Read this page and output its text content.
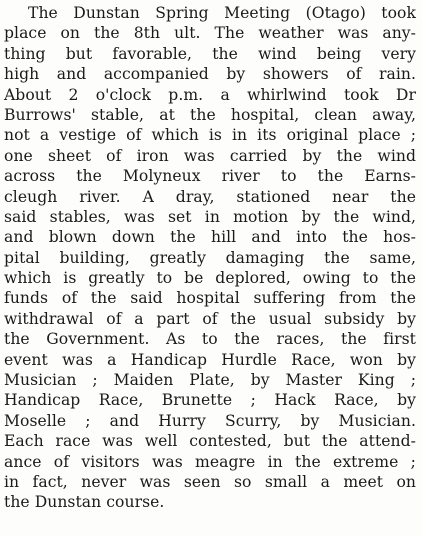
The Dunstan Spring Meeting (Otago) took
place on the 8th ult. The weather was any-
thing but favorable, the wind being very
high and accompanied by showers of rain.
About 2 o'clock p.m. a whirlwind took Dr
Burrows' stable, at the hospital, clean away,
not a vestige of which is in its original place ;
one sheet of iron was carried by the wind
across the Molyneux river to the Earns-
cleugh river. A dray, stationed near the
said stables, was set in motion by the wind,
and blown down the hill and into the hos-
pital building, greatly damaging the same,
which is greatly to be deplored, owing to the
funds of the said hospital suffering from the
withdrawal of a part of the usual subsidy by
the Government. As to the races, the first
event was a Handicap Hurdle Race, won by
Musician ; Maiden Plate, by Master King ;
Handicap Race, Brunette ; Hack Race, by
Moselle ; and Hurry Scurry, by Musician.
Each race was well contested, but the attend-
ance of visitors was meagre in the extreme ;
in fact, never was seen so small a meet on
the Dunstan course.
